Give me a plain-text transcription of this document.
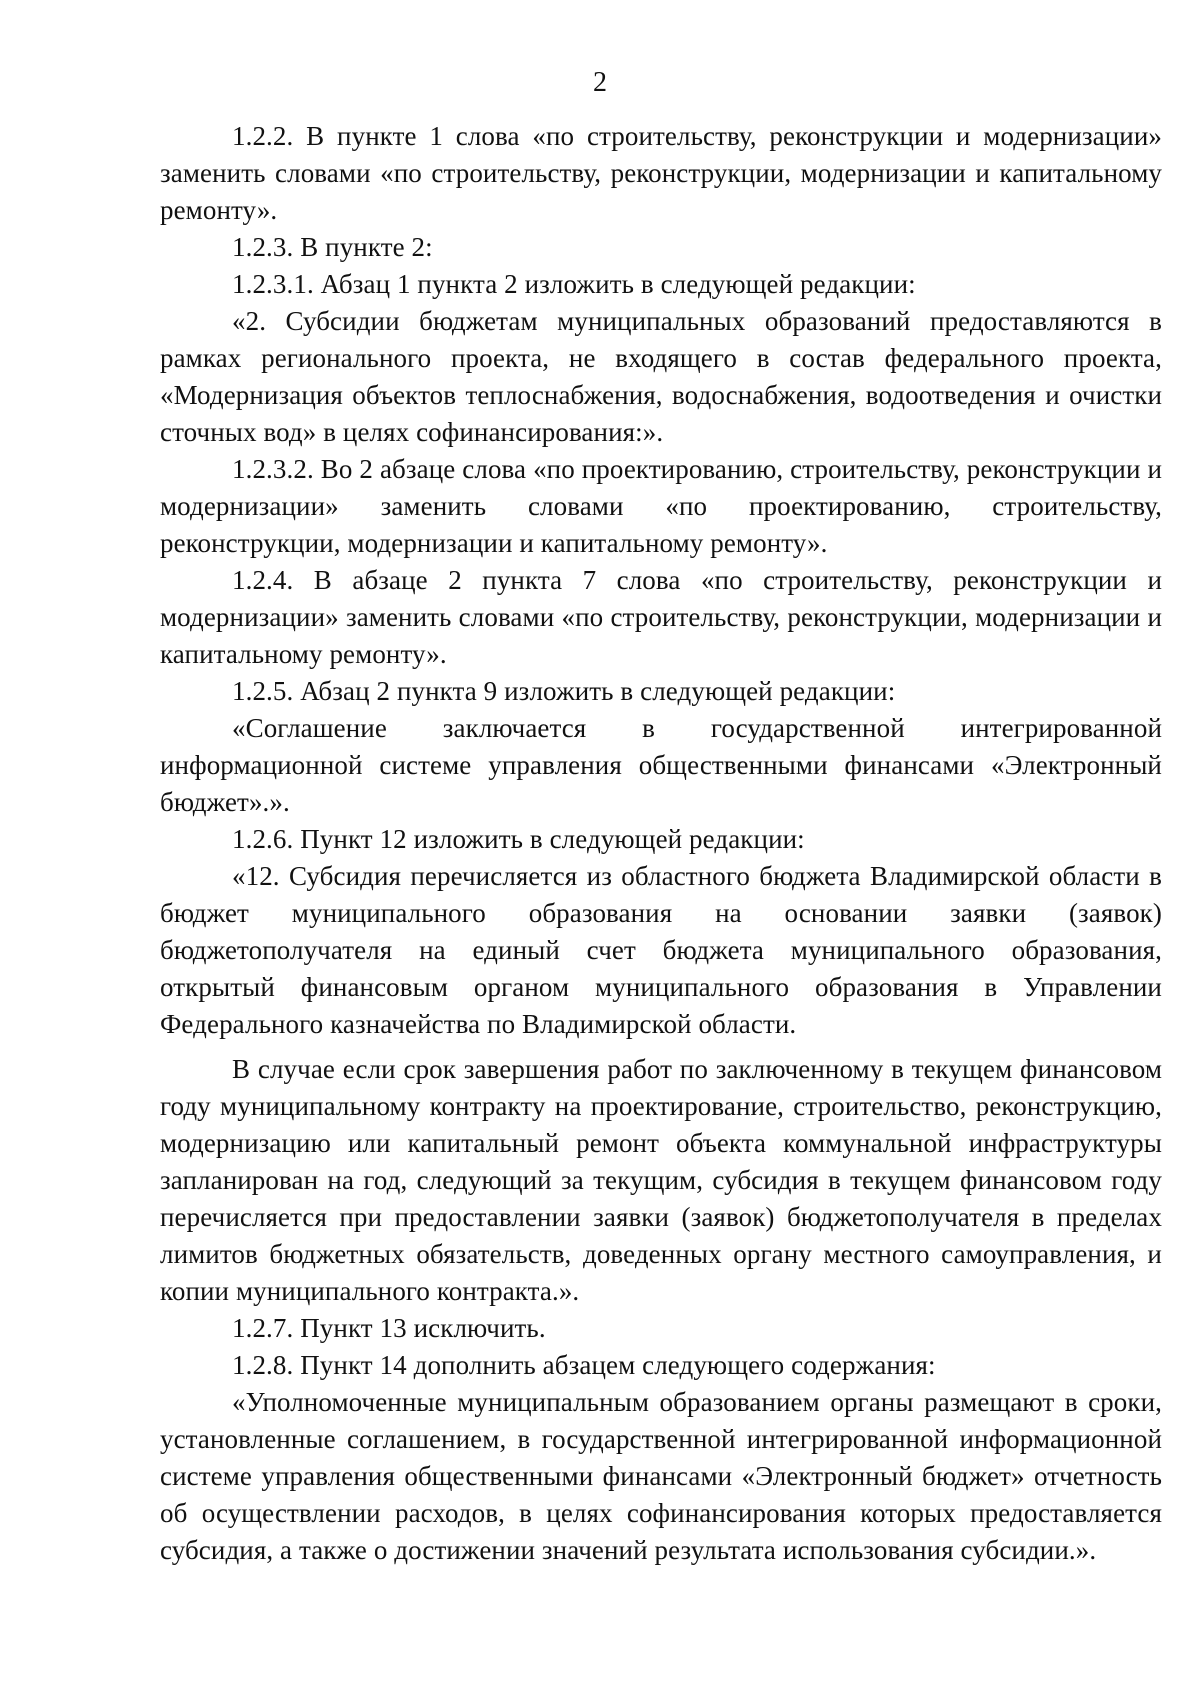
2

1.2.2. В пункте 1 слова «по строительству, реконструкции и модернизации» заменить словами «по строительству, реконструкции, модернизации и капитальному ремонту».

1.2.3. В пункте 2:

1.2.3.1. Абзац 1 пункта 2 изложить в следующей редакции:

«2. Субсидии бюджетам муниципальных образований предоставляются в рамках регионального проекта, не входящего в состав федерального проекта, «Модернизация объектов теплоснабжения, водоснабжения, водоотведения и очистки сточных вод» в целях софинансирования:».

1.2.3.2. Во 2 абзаце слова «по проектированию, строительству, реконструкции и модернизации» заменить словами «по проектированию, строительству, реконструкции, модернизации и капитальному ремонту».

1.2.4. В абзаце 2 пункта 7 слова «по строительству, реконструкции и модернизации» заменить словами «по строительству, реконструкции, модернизации и капитальному ремонту».

1.2.5. Абзац 2 пункта 9 изложить в следующей редакции:

«Соглашение заключается в государственной интегрированной информационной системе управления общественными финансами «Электронный бюджет».».

1.2.6. Пункт 12 изложить в следующей редакции:

«12. Субсидия перечисляется из областного бюджета Владимирской области в бюджет муниципального образования на основании заявки (заявок) бюджетополучателя на единый счет бюджета муниципального образования, открытый финансовым органом муниципального образования в Управлении Федерального казначейства по Владимирской области.

В случае если срок завершения работ по заключенному в текущем финансовом году муниципальному контракту на проектирование, строительство, реконструкцию, модернизацию или капитальный ремонт объекта коммунальной инфраструктуры запланирован на год, следующий за текущим, субсидия в текущем финансовом году перечисляется при предоставлении заявки (заявок) бюджетополучателя в пределах лимитов бюджетных обязательств, доведенных органу местного самоуправления, и копии муниципального контракта.».

1.2.7. Пункт 13 исключить.

1.2.8. Пункт 14 дополнить абзацем следующего содержания:

«Уполномоченные муниципальным образованием органы размещают в сроки, установленные соглашением, в государственной интегрированной информационной системе управления общественными финансами «Электронный бюджет» отчетность об осуществлении расходов, в целях софинансирования которых предоставляется субсидия, а также о достижении значений результата использования субсидии.».
